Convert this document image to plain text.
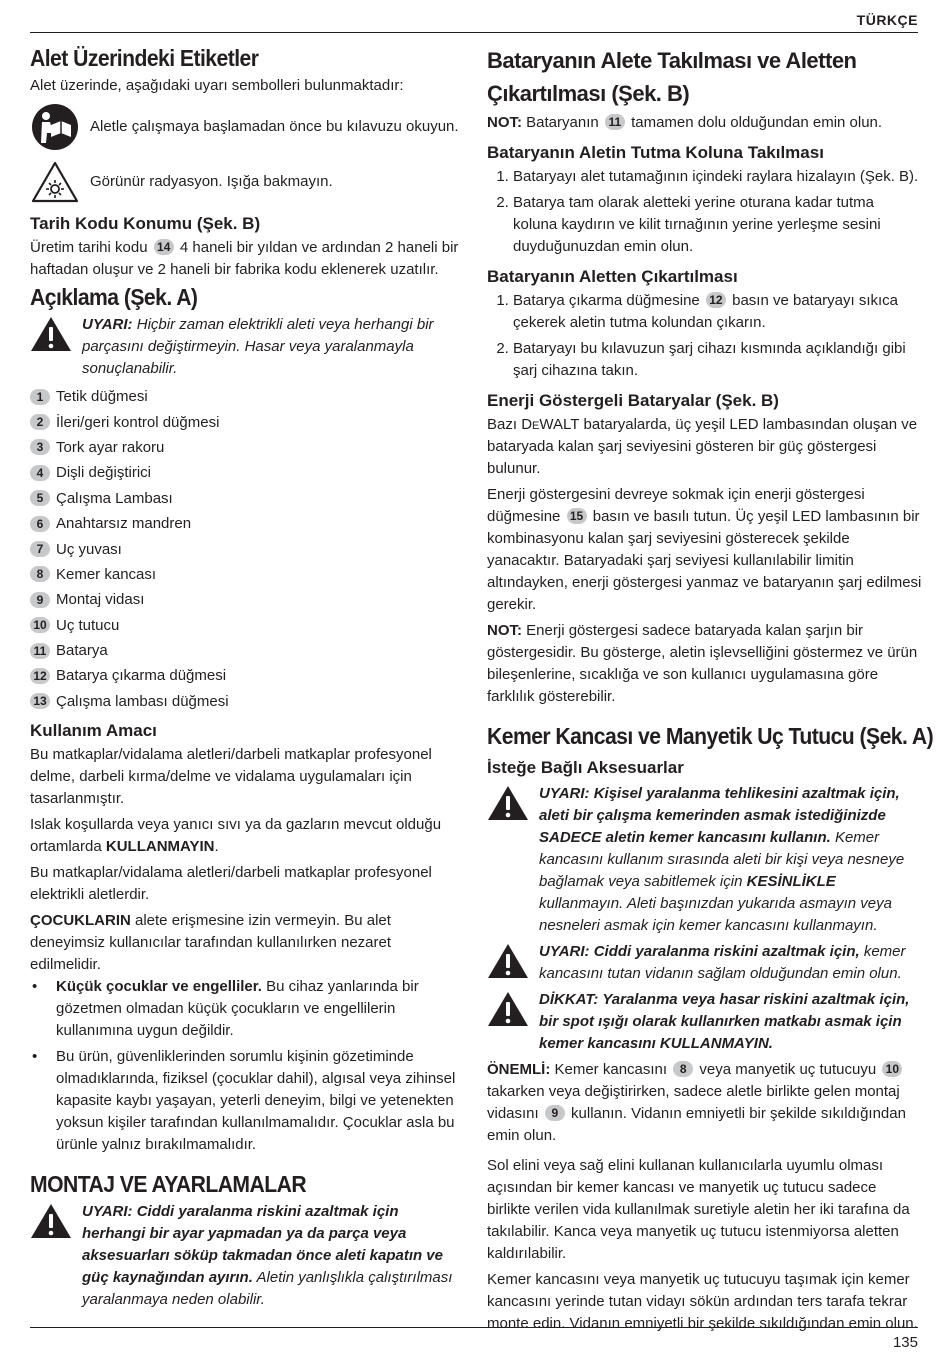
TÜRKÇE
Alet Üzerindeki Etiketler

Alet üzerinde, aşağıdaki uyarı sembolleri bulunmaktadır:

Aletle çalışmaya başlamadan önce bu kılavuzu okuyun.

Görünür radyasyon. Işığa bakmayın.

Tarih Kodu Konumu (Şek. B)

Üretim tarihi kodu 14 4 haneli bir yıldan ve ardından 2 haneli bir haftadan oluşur ve 2 haneli bir fabrika kodu eklenerek uzatılır.

Açıklama (Şek. A)
UYARI: Hiçbir zaman elektrikli aleti veya herhangi bir parçasını değiştirmeyin. Hasar veya yaralanmayla sonuçlanabilir.
1 Tetik düğmesi
2 İleri/geri kontrol düğmesi
3 Tork ayar rakoru
4 Dişli değiştirici
5 Çalışma Lambası
6 Anahtarsız mandren
7 Uç yuvası
8 Kemer kancası
9 Montaj vidası
10 Uç tutucu
11 Batarya
12 Batarya çıkarma düğmesi
13 Çalışma lambası düğmesi
Kullanım Amacı

Bu matkaplar/vidalama aletleri/darbeli matkaplar profesyonel delme, darbeli kırma/delme ve vidalama uygulamaları için tasarlanmıştır.

Islak koşullarda veya yanıcı sıvı ya da gazların mevcut olduğu ortamlarda KULLANMAYIN.

Bu matkaplar/vidalama aletleri/darbeli matkaplar profesyonel elektrikli aletlerdir.

ÇOCUKLARIN alete erişmesine izin vermeyin. Bu alet deneyimsiz kullanıcılar tarafından kullanılırken nezaret edilmelidir.

• Küçük çocuklar ve engelliler. Bu cihaz yanlarında bir gözetmen olmadan küçük çocukların ve engellilerin kullanımına uygun değildir.
• Bu ürün, güvenliklerinden sorumlu kişinin gözetiminde olmadıklarında, fiziksel (çocuklar dahil), algısal veya zihinsel kapasite kaybı yaşayan, yeterli deneyim, bilgi ve yetenekten yoksun kişiler tarafından kullanılmamalıdır. Çocuklar asla bu ürünle yalnız bırakılmamalıdır.
MONTAJ VE AYARLAMALAR
UYARI: Ciddi yaralanma riskini azaltmak için herhangi bir ayar yapmadan ya da parça veya aksesuarları söküp takmadan önce aleti kapatın ve güç kaynağından ayırın. Aletin yanlışlıkla çalıştırılması yaralanmaya neden olabilir.
Bataryanın Alete Takılması ve Aletten Çıkartılması (Şek. B)

NOT: Bataryanın 11 tamamen dolu olduğundan emin olun.

Bataryanın Aletin Tutma Koluna Takılması
1. Bataryayı alet tutamağının içindeki raylara hizalayın (Şek. B).
2. Batarya tam olarak aletteki yerine oturana kadar tutma koluna kaydırın ve kilit tırnağının yerine yerleşme sesini duyduğunuzdan emin olun.
Bataryanın Aletten Çıkartılması
1. Batarya çıkarma düğmesine 12 basın ve bataryayı sıkıca çekerek aletin tutma kolundan çıkarın.
2. Bataryayı bu kılavuzun şarj cihazı kısmında açıklandığı gibi şarj cihazına takın.
Enerji Göstergeli Bataryalar (Şek. B)

Bazı DeWALT bataryalarda, üç yeşil LED lambasından oluşan ve bataryada kalan şarj seviyesini gösteren bir güç göstergesi bulunur.

Enerji göstergesini devreye sokmak için enerji göstergesi düğmesine 15 basın ve basılı tutun. Üç yeşil LED lambasının bir kombinasyonu kalan şarj seviyesini gösterecek şekilde yanacaktır. Bataryadaki şarj seviyesi kullanılabilir limitin altındayken, enerji göstergesi yanmaz ve bataryanın şarj edilmesi gerekir.

NOT: Enerji göstergesi sadece bataryada kalan şarjın bir göstergesidir. Bu gösterge, aletin işlevselliğini göstermez ve ürün bileşenlerine, sıcaklığa ve son kullanıcı uygulamasına göre farklılık gösterebilir.

Kemer Kancası ve Manyetik Uç Tutucu (Şek. A)
İsteğe Bağlı Aksesuarlar
UYARI: Kişisel yaralanma tehlikesini azaltmak için, aleti bir çalışma kemerinden asmak istediğinizde SADECE aletin kemer kancasını kullanın. Kemer kancasını kullanım sırasında aleti bir kişi veya nesneye bağlamak veya sabitlemek için KESİNLİKLE kullanmayın. Aleti başınızdan yukarıda asmayın veya nesneleri asmak için kemer kancasını kullanmayın.
UYARI: Ciddi yaralanma riskini azaltmak için, kemer kancasını tutan vidanın sağlam olduğundan emin olun.
DİKKAT: Yaralanma veya hasar riskini azaltmak için, bir spot ışığı olarak kullanırken matkabı asmak için kemer kancasını KULLANMAYIN.

ÖNEMLİ: Kemer kancasını 8 veya manyetik uç tutucuyu 10 takarken veya değiştirirken, sadece aletle birlikte gelen montaj vidasını 9 kullanın. Vidanın emniyetli bir şekilde sıkıldığından emin olun.

Sol elini veya sağ elini kullanan kullanıcılarla uyumlu olması açısından bir kemer kancası ve manyetik uç tutucu sadece birlikte verilen vida kullanılmak suretiyle aletin her iki tarafına da takılabilir. Kanca veya manyetik uç tutucu istenmiyorsa aletten kaldırılabilir.

Kemer kancasını veya manyetik uç tutucuyu taşımak için kemer kancasını yerinde tutan vidayı sökün ardından ters tarafa tekrar monte edin. Vidanın emniyetli bir şekilde sıkıldığından emin olun.

135
